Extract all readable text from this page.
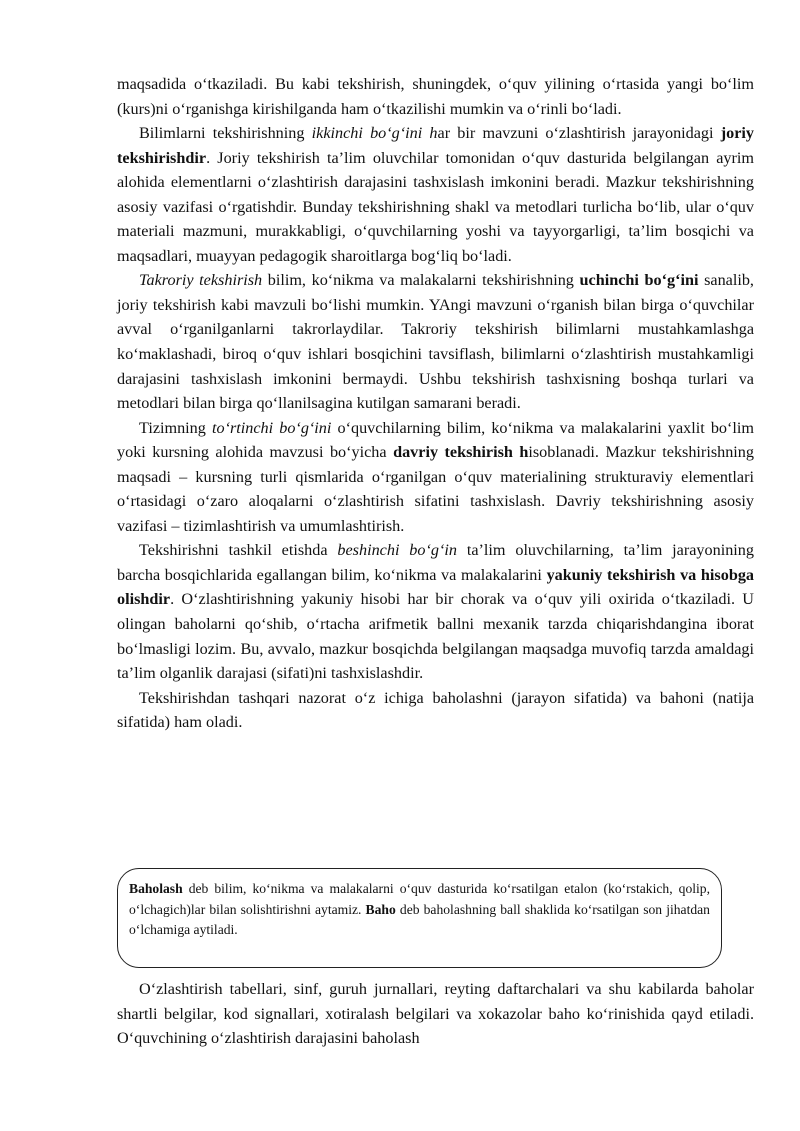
maqsadida o‘tkaziladi. Bu kabi tekshirish, shuningdek, o‘quv yilining o‘rtasida yangi bo‘lim (kurs)ni o‘rganishga kirishilganda ham o‘tkazilishi mumkin va o‘rinli bo‘ladi.

Bilimlarni tekshirishning ikkinchi bo‘g‘ini har bir mavzuni o‘zlashtirish jarayonidagi joriy tekshirishdir. Joriy tekshirish ta’lim oluvchilar tomonidan o‘quv dasturida belgilangan ayrim alohida elementlarni o‘zlashtirish darajasini tashxislash imkonini beradi. Mazkur tekshirishning asosiy vazifasi o‘rgatishdir. Bunday tekshirishning shakl va metodlari turlicha bo‘lib, ular o‘quv materiali mazmuni, murakkabligi, o‘quvchilarning yoshi va tayyorgarligi, ta’lim bosqichi va maqsadlari, muayyan pedagogik sharoitlarga bog‘liq bo‘ladi.

Takroriy tekshirish bilim, ko‘nikma va malakalarni tekshirishning uchinchi bo‘g‘ini sanalib, joriy tekshirish kabi mavzuli bo‘lishi mumkin. YAngi mavzuni o‘rganish bilan birga o‘quvchilar avval o‘rganilganlarni takrorlaydilar. Takroriy tekshirish bilimlarni mustahkamlashga ko‘maklashadi, biroq o‘quv ishlari bosqichini tavsiflash, bilimlarni o‘zlashtirish mustahkamligi darajasini tashxislash imkonini bermaydi. Ushbu tekshirish tashxisning boshqa turlari va metodlari bilan birga qo‘llanilsagina kutilgan samarani beradi.

Tizimning to‘rtinchi bo‘g‘ini o‘quvchilarning bilim, ko‘nikma va malakalarini yaxlit bo‘lim yoki kursning alohida mavzusi bo‘yicha davriy tekshirish hisoblanadi. Mazkur tekshirishning maqsadi – kursning turli qismlarida o‘rganilgan o‘quv materialining strukturaviy elementlari o‘rtasidagi o‘zaro aloqalarni o‘zlashtirish sifatini tashxislash. Davriy tekshirishning asosiy vazifasi – tizimlashtirish va umumlashtirish.

Tekshirishni tashkil etishda beshinchi bo‘g‘in ta’lim oluvchilarning, ta’lim jarayonining barcha bosqichlarida egallangan bilim, ko‘nikma va malakalarini yakuniy tekshirish va hisobga olishdir. O‘zlashtirishning yakuniy hisobi har bir chorak va o‘quv yili oxirida o‘tkaziladi. U olingan baholarni qo‘shib, o‘rtacha arifmetik ballni mexanik tarzda chiqarishdangina iborat bo‘lmasligi lozim. Bu, avvalo, mazkur bosqichda belgilangan maqsadga muvofiq tarzda amaldagi ta’lim olganlik darajasi (sifati)ni tashxislashdir.

Tekshirishdan tashqari nazorat o‘z ichiga baholashni (jarayon sifatida) va bahoni (natija sifatida) ham oladi.

Baholash deb bilim, ko‘nikma va malakalarni o‘quv dasturida ko‘rsatilgan etalon (ko‘rstakich, qolip, o‘lchagich)lar bilan solishtirishni aytamiz. Baho deb baholashning ball shaklida ko‘rsatilgan son jihatdan o‘lchamiga aytiladi.

O‘zlashtirish tabellari, sinf, guruh jurnallari, reyting daftarchalari va shu kabilarda baholar shartli belgilar, kod signallari, xotiralash belgilari va xokazolar baho ko‘rinishida qayd etiladi. O‘quvchining o‘zlashtirish darajasini baholash
